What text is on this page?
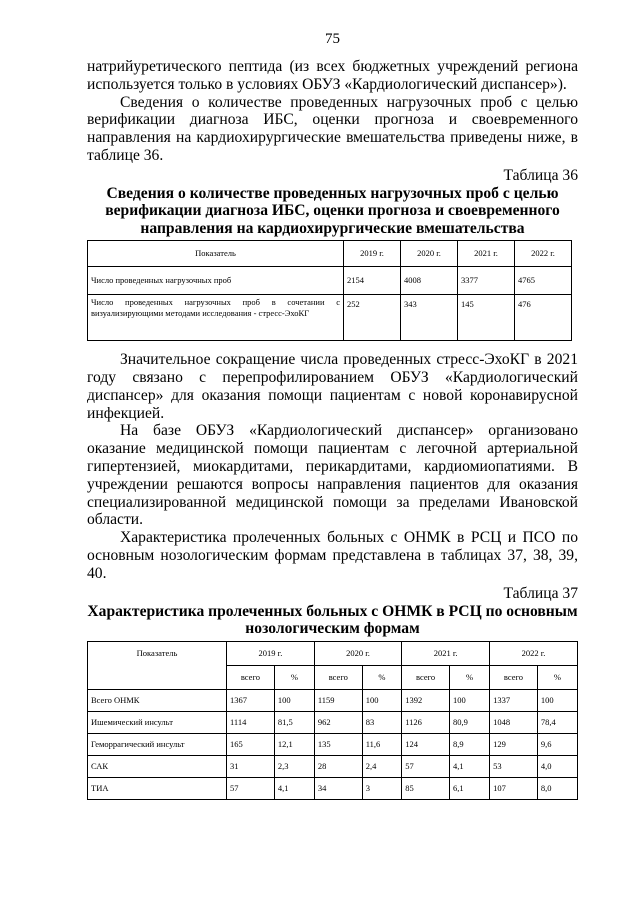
75

натрийуретического пептида (из всех бюджетных учреждений региона используется только в условиях ОБУЗ «Кардиологический диспансер»).

Сведения о количестве проведенных нагрузочных проб с целью верификации диагноза ИБС, оценки прогноза и своевременного направления на кардиохирургические вмешательства приведены ниже, в таблице 36.

Таблица 36
Сведения о количестве проведенных нагрузочных проб с целью верификации диагноза ИБС, оценки прогноза и своевременного направления на кардиохирургические вмешательства
Показатель	2019 г.	2020 г.	2021 г.	2022 г.
Число проведенных нагрузочных проб	2154	4008	3377	4765
Число проведенных нагрузочных проб в сочетании с визуализирующими методами исследования - стресс-ЭхоКГ	252	343	145	476

Значительное сокращение числа проведенных стресс-ЭхоКГ в 2021 году связано с перепрофилированием ОБУЗ «Кардиологический диспансер» для оказания помощи пациентам с новой коронавирусной инфекцией.

На базе ОБУЗ «Кардиологический диспансер» организовано оказание медицинской помощи пациентам с легочной артериальной гипертензией, миокардитами, перикардитами, кардиомиопатиями. В учреждении решаются вопросы направления пациентов для оказания специализированной медицинской помощи за пределами Ивановской области.

Характеристика пролеченных больных с ОНМК в РСЦ и ПСО по основным нозологическим формам представлена в таблицах 37, 38, 39, 40.

Таблица 37
Характеристика пролеченных больных с ОНМК в РСЦ по основным нозологическим формам
Показатель	2019 г.		2020 г.		2021 г.		2022 г.	
	всего	%	всего	%	всего	%	всего	%
Всего ОНМК	1367	100	1159	100	1392	100	1337	100
Ишемический инсульт	1114	81,5	962	83	1126	80,9	1048	78,4
Геморрагический инсульт	165	12,1	135	11,6	124	8,9	129	9,6
САК	31	2,3	28	2,4	57	4,1	53	4,0
ТИА	57	4,1	34	3	85	6,1	107	8,0
